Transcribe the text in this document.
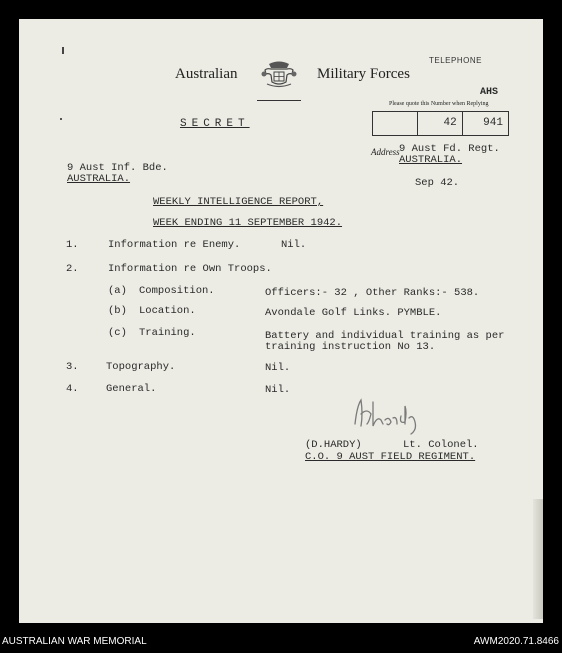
Australian	Military Forces
TELEPHONE
AHS
Please quote this Number when Replying
42 941
SECRET
Address 9 Aust Fd. Regt.
AUSTRALIA.
Sep 42.
9 Aust Inf. Bde.
AUSTRALIA.
WEEKLY INTELLIGENCE REPORT,
WEEK ENDING 11 SEPTEMBER 1942.
1.	Information re Enemy.	Nil.
2.	Information re Own Troops.
(a) Composition.	Officers:- 32 , Other Ranks:- 538.
(b) Location.	Avondale Golf Links. PYMBLE.
(c) Training.	Battery and individual training as per
training instruction No 13.
3.	Topography.	Nil.
4.	General.	Nil.
(D.HARDY)	Lt. Colonel.
C.O. 9 AUST FIELD REGIMENT.
AUSTRALIAN WAR MEMORIAL	AWM2020.71.8466
